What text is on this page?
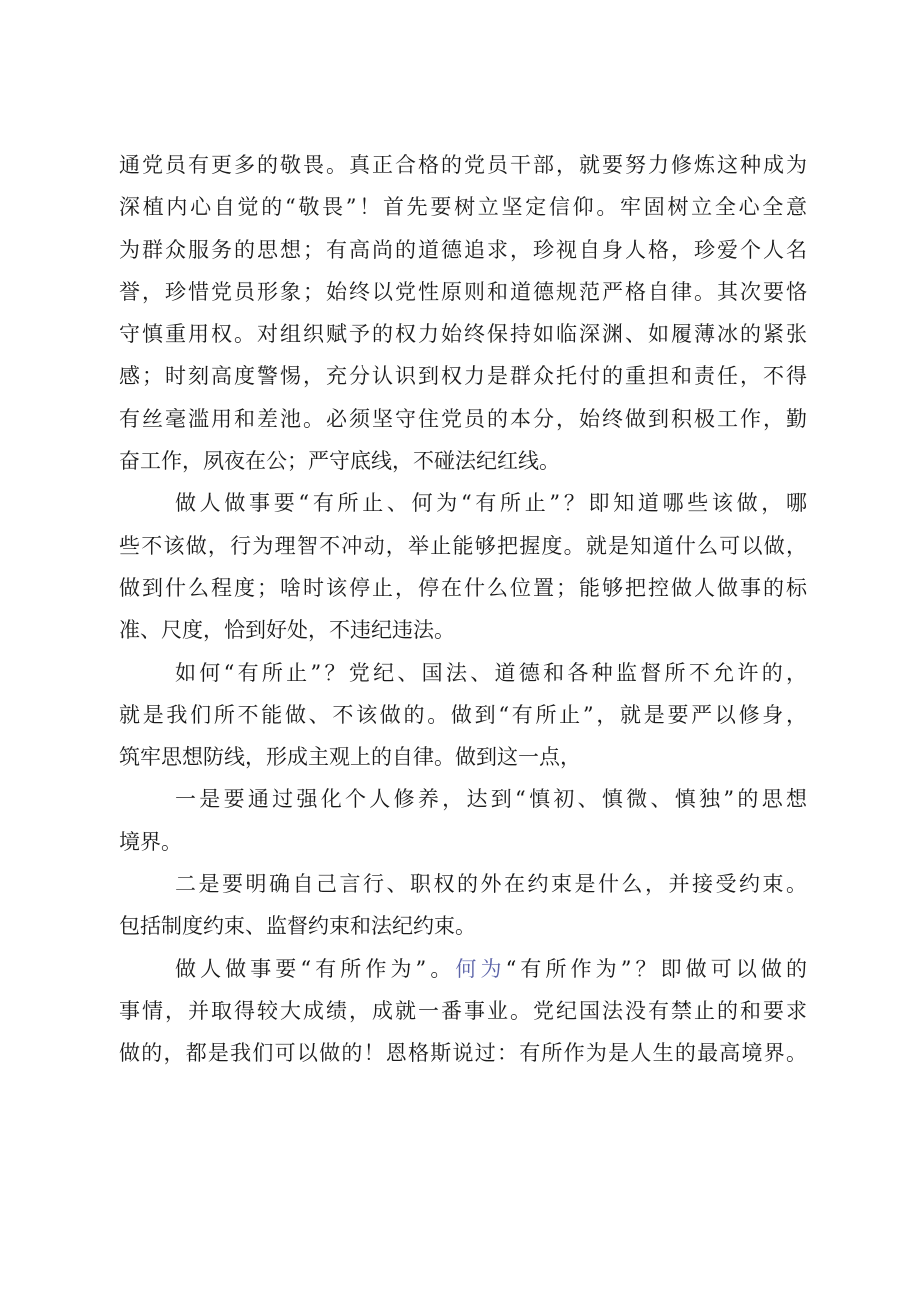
通党员有更多的敬畏。真正合格的党员干部，就要努力修炼这种成为
深植内心自觉的“敬畏”！首先要树立坚定信仰。牢固树立全心全意
为群众服务的思想；有高尚的道德追求，珍视自身人格，珍爱个人名
誉，珍惜党员形象；始终以党性原则和道德规范严格自律。其次要恪
守慎重用权。对组织赋予的权力始终保持如临深渊、如履薄冰的紧张
感；时刻高度警惕，充分认识到权力是群众托付的重担和责任，不得
有丝毫滥用和差池。必须坚守住党员的本分，始终做到积极工作，勤
奋工作，夙夜在公；严守底线，不碰法纪红线。
做人做事要“有所止、何为“有所止”？即知道哪些该做，哪
些不该做，行为理智不冲动，举止能够把握度。就是知道什么可以做，
做到什么程度；啥时该停止，停在什么位置；能够把控做人做事的标
准、尺度，恰到好处，不违纪违法。
如何“有所止”？党纪、国法、道德和各种监督所不允许的，
就是我们所不能做、不该做的。做到“有所止”，就是要严以修身，
筑牢思想防线，形成主观上的自律。做到这一点，
一是要通过强化个人修养，达到“慎初、慎微、慎独”的思想
境界。
二是要明确自己言行、职权的外在约束是什么，并接受约束。
包括制度约束、监督约束和法纪约束。
做人做事要“有所作为”。何为“有所作为”？即做可以做的
事情，并取得较大成绩，成就一番事业。党纪国法没有禁止的和要求
做的，都是我们可以做的！恩格斯说过：有所作为是人生的最高境界。
